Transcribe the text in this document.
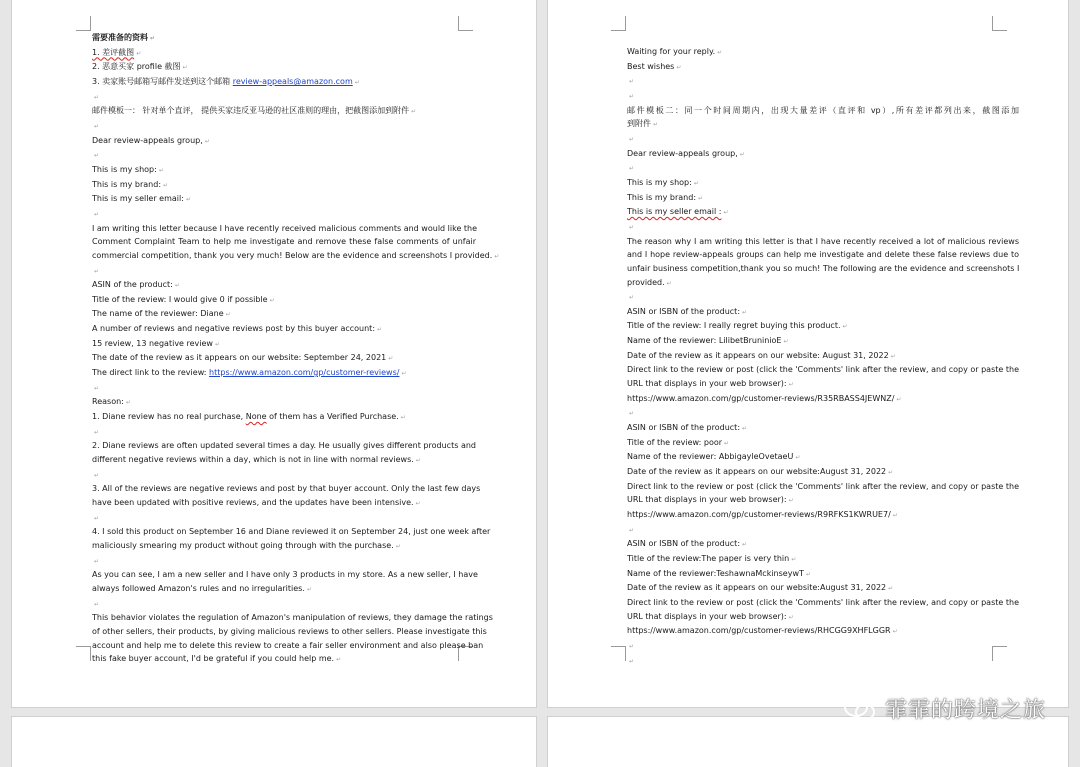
需要准备的资料 ↵
1. 差评截图 ↵
2. 恶意买家 profile 截图 ↵
3. 卖家账号邮箱写邮件发送到这个邮箱 review-appeals@amazon.com ↵
↵
邮件模板一： 针对单个直评， 提供买家违反亚马逊的社区准则的理由，把截图添加到附件 ↵
↵
Dear review-appeals group, ↵
↵
This is my shop: ↵
This is my brand: ↵
This is my seller email: ↵
↵
I am writing this letter because I have recently received malicious comments and would like the
Comment Complaint Team to help me investigate and remove these false comments of unfair
commercial competition, thank you very much! Below are the evidence and screenshots I provided. ↵
↵
ASIN of the product: ↵
Title of the review: I would give 0 if possible ↵
The name of the reviewer: Diane ↵
A number of reviews and negative reviews post by this buyer account: ↵
15 review, 13 negative review ↵
The date of the review as it appears on our website: September 24, 2021 ↵
The direct link to the review: https://www.amazon.com/gp/customer-reviews/ ↵
↵
Reason: ↵
1. Diane review has no real purchase, None of them has a Verified Purchase. ↵
↵
2. Diane reviews are often updated several times a day. He usually gives different products and
different negative reviews within a day, which is not in line with normal reviews. ↵
↵
3. All of the reviews are negative reviews and post by that buyer account. Only the last few days
have been updated with positive reviews, and the updates have been intensive. ↵
↵
4. I sold this product on September 16 and Diane reviewed it on September 24, just one week after
maliciously smearing my product without going through with the purchase. ↵
↵
As you can see, I am a new seller and I have only 3 products in my store. As a new seller, I have
always followed Amazon's rules and no irregularities. ↵
↵
This behavior violates the regulation of Amazon's manipulation of reviews, they damage the ratings
of other sellers, their products, by giving malicious reviews to other sellers. Please investigate this
account and help me to delete this review to create a fair seller environment and also please ban
this fake buyer account, I'd be grateful if you could help me. ↵
Waiting for your reply. ↵
Best wishes ↵
↵
↵
邮件模板二：同一个时间周期内，出现大量差评（直评和 vp）,所有差评都列出来，截图添加
到附件 ↵
↵
Dear review-appeals group, ↵
↵
This is my shop: ↵
This is my brand: ↵
This is my seller email : ↵
↵
The reason why I am writing this letter is that I have recently received a lot of malicious reviews
and I hope review-appeals groups can help me investigate and delete these false reviews due to
unfair business competition,thank you so much! The following are the evidence and screenshots I
provided. ↵
↵
ASIN or ISBN of the product: ↵
Title of the review: I really regret buying this product. ↵
Name of the reviewer: LilibetBruninioE ↵
Date of the review as it appears on our website: August 31, 2022 ↵
Direct link to the review or post (click the 'Comments' link after the review, and copy or paste the
URL that displays in your web browser): ↵
https://www.amazon.com/gp/customer-reviews/R35RBASS4JEWNZ/ ↵
↵
ASIN or ISBN of the product: ↵
Title of the review: poor ↵
Name of the reviewer: AbbigayleOvetaeU ↵
Date of the review as it appears on our website:August 31, 2022 ↵
Direct link to the review or post (click the 'Comments' link after the review, and copy or paste the
URL that displays in your web browser): ↵
https://www.amazon.com/gp/customer-reviews/R9RFKS1KWRUE7/ ↵
↵
ASIN or ISBN of the product: ↵
Title of the review:The paper is very thin ↵
Name of the reviewer:TeshawnaMckinseywT ↵
Date of the review as it appears on our website:August 31, 2022 ↵
Direct link to the review or post (click the 'Comments' link after the review, and copy or paste the
URL that displays in your web browser): ↵
https://www.amazon.com/gp/customer-reviews/RHCGG9XHFLGGR ↵
↵
↵
霏霏的跨境之旅
